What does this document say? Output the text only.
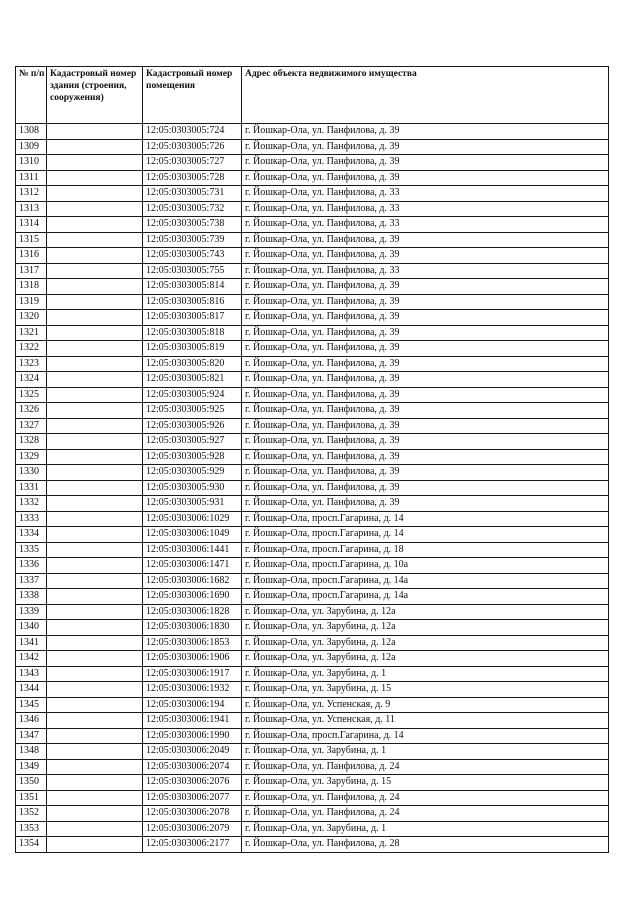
№ п/п	Кадастровый номер здания (строения, сооружения)	Кадастровый номер помещения	Адрес объекта недвижимого имущества
1308		12:05:0303005:724	г. Йошкар-Ола, ул. Панфилова, д. 39
1309		12:05:0303005:726	г. Йошкар-Ола, ул. Панфилова, д. 39
1310		12:05:0303005:727	г. Йошкар-Ола, ул. Панфилова, д. 39
1311		12:05:0303005:728	г. Йошкар-Ола, ул. Панфилова, д. 39
1312		12:05:0303005:731	г. Йошкар-Ола, ул. Панфилова, д. 33
1313		12:05:0303005:732	г. Йошкар-Ола, ул. Панфилова, д. 33
1314		12:05:0303005:738	г. Йошкар-Ола, ул. Панфилова, д. 33
1315		12:05:0303005:739	г. Йошкар-Ола, ул. Панфилова, д. 39
1316		12:05:0303005:743	г. Йошкар-Ола, ул. Панфилова, д. 39
1317		12:05:0303005:755	г. Йошкар-Ола, ул. Панфилова, д. 33
1318		12:05:0303005:814	г. Йошкар-Ола, ул. Панфилова, д. 39
1319		12:05:0303005:816	г. Йошкар-Ола, ул. Панфилова, д. 39
1320		12:05:0303005:817	г. Йошкар-Ола, ул. Панфилова, д. 39
1321		12:05:0303005:818	г. Йошкар-Ола, ул. Панфилова, д. 39
1322		12:05:0303005:819	г. Йошкар-Ола, ул. Панфилова, д. 39
1323		12:05:0303005:820	г. Йошкар-Ола, ул. Панфилова, д. 39
1324		12:05:0303005:821	г. Йошкар-Ола, ул. Панфилова, д. 39
1325		12:05:0303005:924	г. Йошкар-Ола, ул. Панфилова, д. 39
1326		12:05:0303005:925	г. Йошкар-Ола, ул. Панфилова, д. 39
1327		12:05:0303005:926	г. Йошкар-Ола, ул. Панфилова, д. 39
1328		12:05:0303005:927	г. Йошкар-Ола, ул. Панфилова, д. 39
1329		12:05:0303005:928	г. Йошкар-Ола, ул. Панфилова, д. 39
1330		12:05:0303005:929	г. Йошкар-Ола, ул. Панфилова, д. 39
1331		12:05:0303005:930	г. Йошкар-Ола, ул. Панфилова, д. 39
1332		12:05:0303005:931	г. Йошкар-Ола, ул. Панфилова, д. 39
1333		12:05:0303006:1029	г. Йошкар-Ола, просп.Гагарина, д. 14
1334		12:05:0303006:1049	г. Йошкар-Ола, просп.Гагарина, д. 14
1335		12:05:0303006:1441	г. Йошкар-Ола, просп.Гагарина, д. 18
1336		12:05:0303006:1471	г. Йошкар-Ола, просп.Гагарина, д. 10а
1337		12:05:0303006:1682	г. Йошкар-Ола, просп.Гагарина, д. 14а
1338		12:05:0303006:1690	г. Йошкар-Ола, просп.Гагарина, д. 14а
1339		12:05:0303006:1828	г. Йошкар-Ола, ул. Зарубина, д. 12а
1340		12:05:0303006:1830	г. Йошкар-Ола, ул. Зарубина, д. 12а
1341		12:05:0303006:1853	г. Йошкар-Ола, ул. Зарубина, д. 12а
1342		12:05:0303006:1906	г. Йошкар-Ола, ул. Зарубина, д. 12а
1343		12:05:0303006:1917	г. Йошкар-Ола, ул. Зарубина, д. 1
1344		12:05:0303006:1932	г. Йошкар-Ола, ул. Зарубина, д. 15
1345		12:05:0303006:194	г. Йошкар-Ола, ул. Успенская, д. 9
1346		12:05:0303006:1941	г. Йошкар-Ола, ул. Успенская, д. 11
1347		12:05:0303006:1990	г. Йошкар-Ола, просп.Гагарина, д. 14
1348		12:05:0303006:2049	г. Йошкар-Ола, ул. Зарубина, д. 1
1349		12:05:0303006:2074	г. Йошкар-Ола, ул. Панфилова, д. 24
1350		12:05:0303006:2076	г. Йошкар-Ола, ул. Зарубина, д. 15
1351		12:05:0303006:2077	г. Йошкар-Ола, ул. Панфилова, д. 24
1352		12:05:0303006:2078	г. Йошкар-Ола, ул. Панфилова, д. 24
1353		12:05:0303006:2079	г. Йошкар-Ола, ул. Зарубина, д. 1
1354		12:05:0303006:2177	г. Йошкар-Ола, ул. Панфилова, д. 28
